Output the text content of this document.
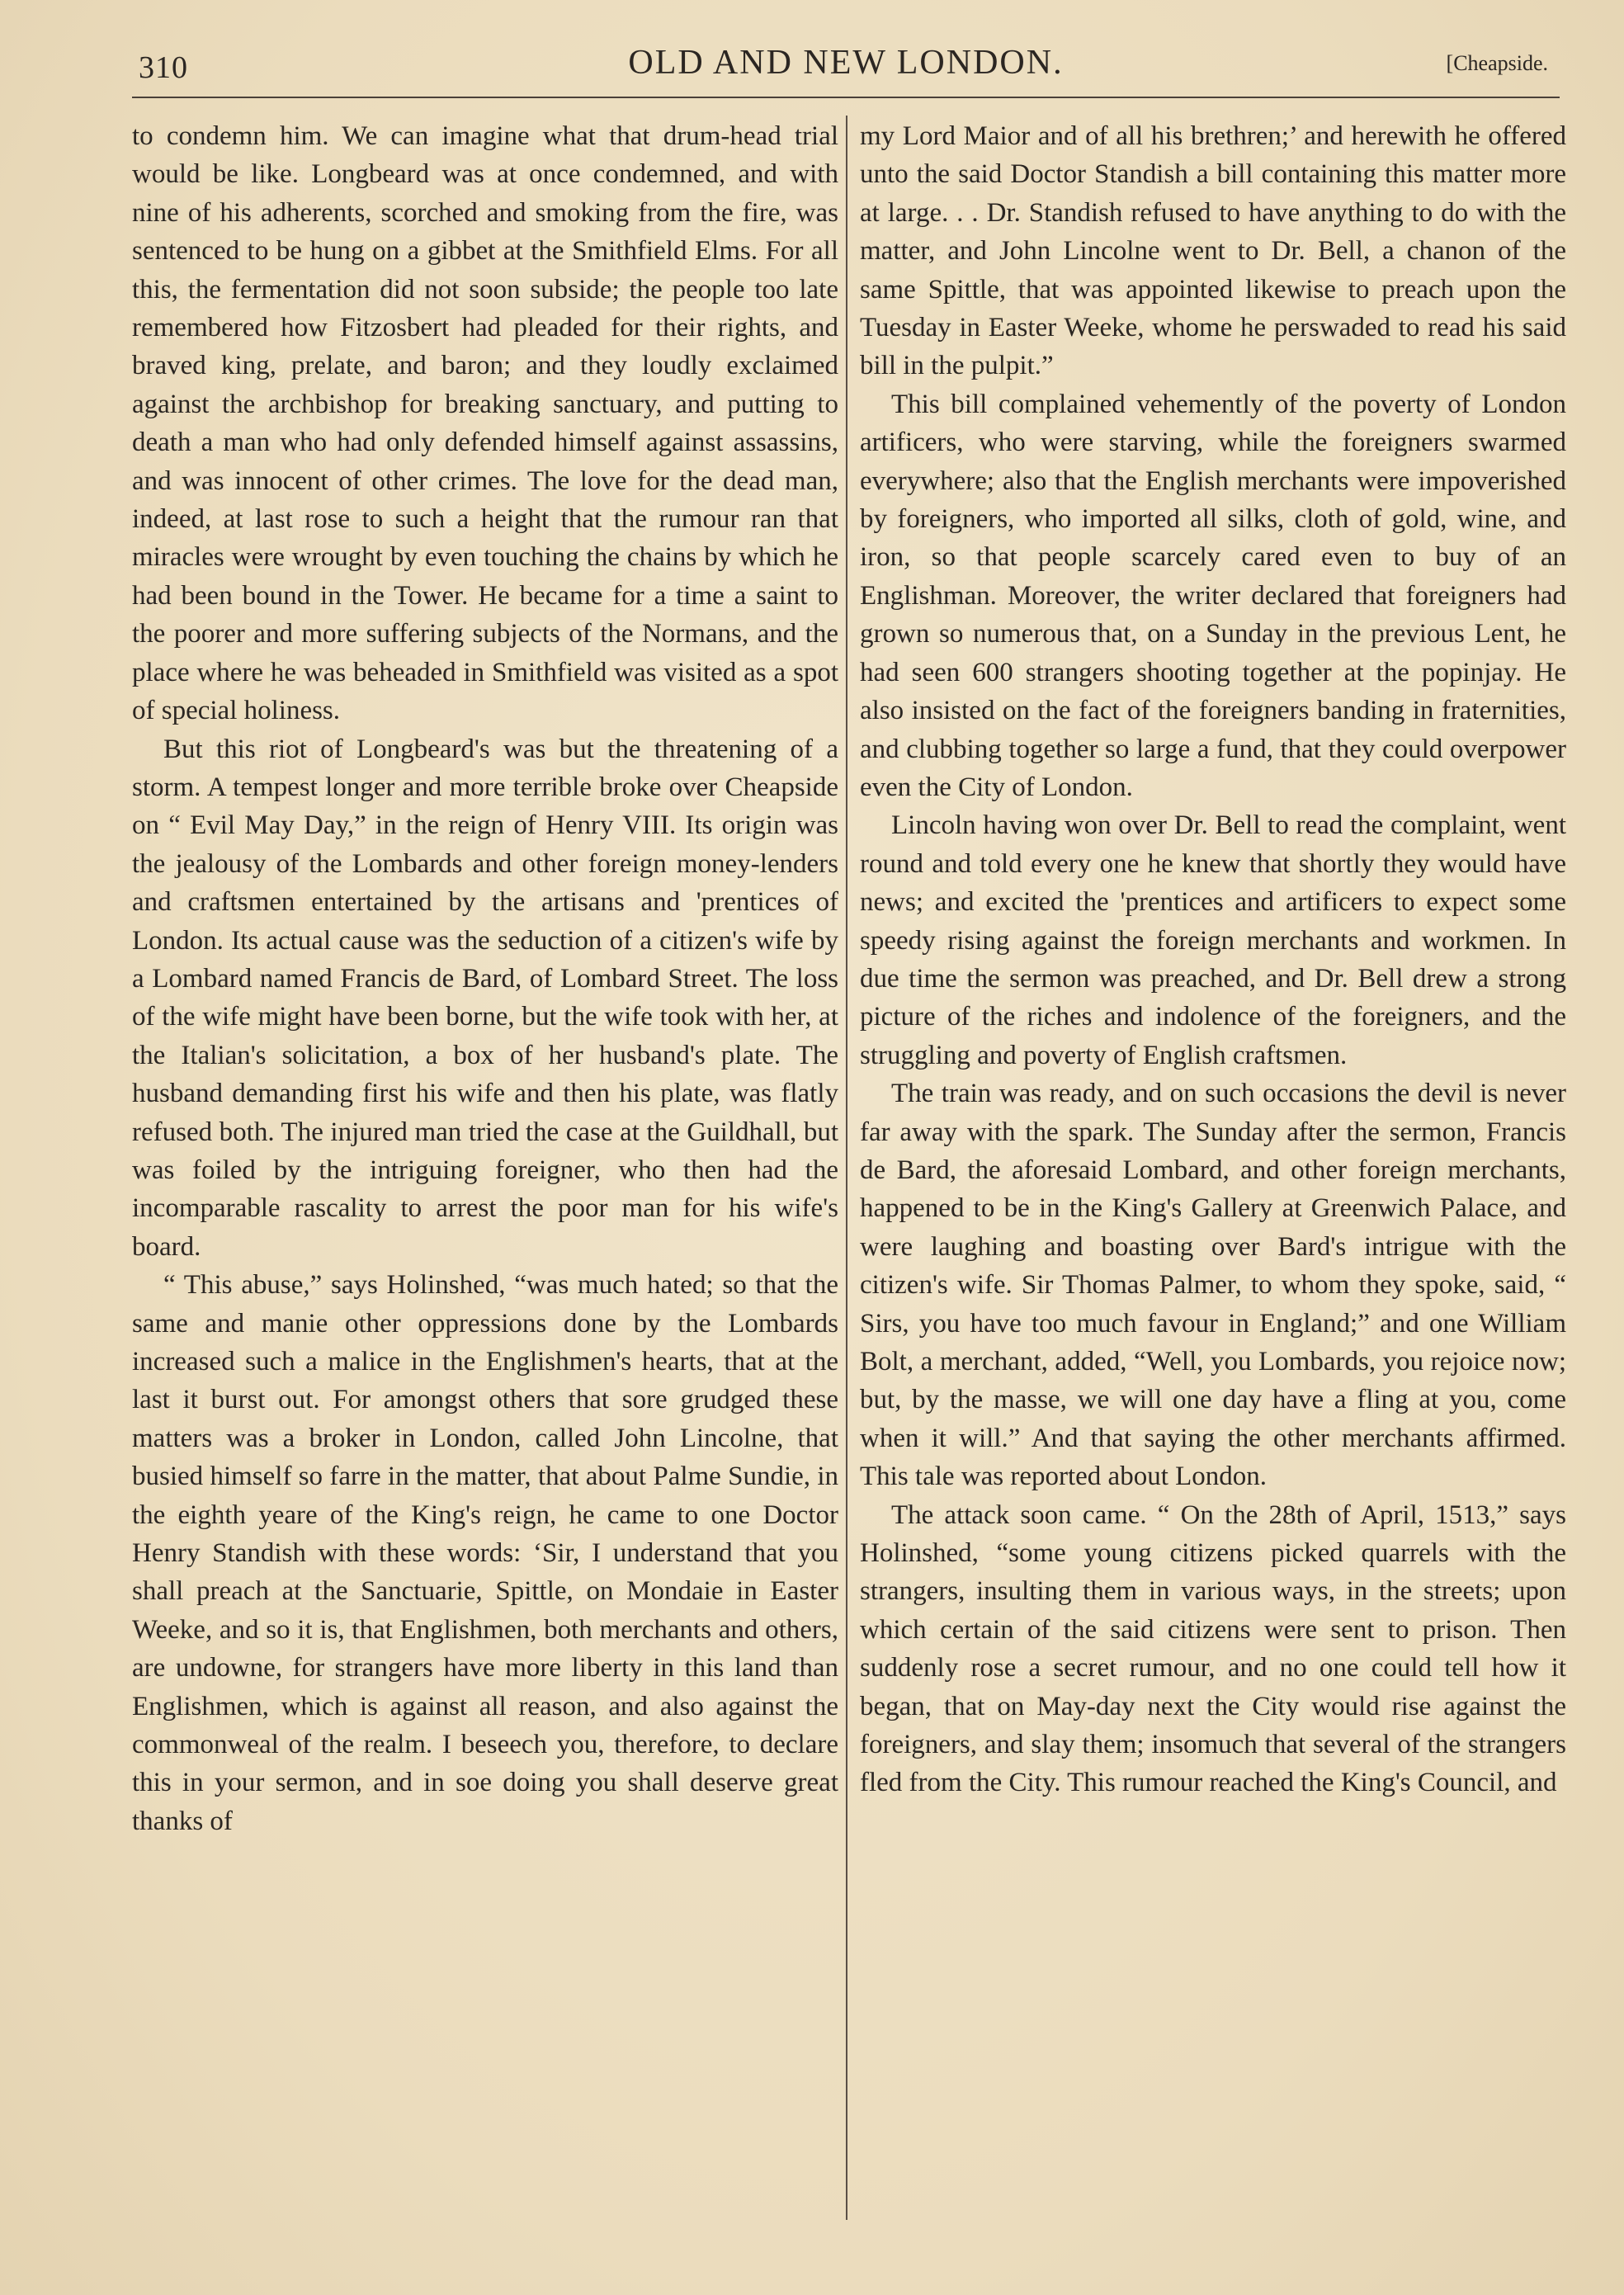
310	OLD AND NEW LONDON.	[Cheapside.

to condemn him. We can imagine what that drum-head trial would be like. Longbeard was at once condemned, and with nine of his adherents, scorched and smoking from the fire, was sentenced to be hung on a gibbet at the Smithfield Elms. For all this, the fermentation did not soon subside; the people too late remembered how Fitzosbert had pleaded for their rights, and braved king, prelate, and baron; and they loudly exclaimed against the archbishop for breaking sanctuary, and putting to death a man who had only defended himself against assassins, and was innocent of other crimes. The love for the dead man, indeed, at last rose to such a height that the rumour ran that miracles were wrought by even touching the chains by which he had been bound in the Tower. He became for a time a saint to the poorer and more suffering subjects of the Normans, and the place where he was beheaded in Smithfield was visited as a spot of special holiness.

But this riot of Longbeard's was but the threatening of a storm. A tempest longer and more terrible broke over Cheapside on “ Evil May Day,” in the reign of Henry VIII. Its origin was the jealousy of the Lombards and other foreign money-lenders and craftsmen entertained by the artisans and 'prentices of London. Its actual cause was the seduction of a citizen's wife by a Lombard named Francis de Bard, of Lombard Street. The loss of the wife might have been borne, but the wife took with her, at the Italian's solicitation, a box of her husband's plate. The husband demanding first his wife and then his plate, was flatly refused both. The injured man tried the case at the Guildhall, but was foiled by the intriguing foreigner, who then had the incomparable rascality to arrest the poor man for his wife's board.

“ This abuse,” says Holinshed, “was much hated; so that the same and manie other oppressions done by the Lombards increased such a malice in the Englishmen's hearts, that at the last it burst out. For amongst others that sore grudged these matters was a broker in London, called John Lincolne, that busied himself so farre in the matter, that about Palme Sundie, in the eighth yeare of the King's reign, he came to one Doctor Henry Standish with these words: ‘Sir, I understand that you shall preach at the Sanctuarie, Spittle, on Mondaie in Easter Weeke, and so it is, that Englishmen, both merchants and others, are undowne, for strangers have more liberty in this land than Englishmen, which is against all reason, and also against the commonweal of the realm. I beseech you, therefore, to declare this in your sermon, and in soe doing you shall deserve great thanks of

my Lord Maior and of all his brethren;’ and herewith he offered unto the said Doctor Standish a bill containing this matter more at large. . . Dr. Standish refused to have anything to do with the matter, and John Lincolne went to Dr. Bell, a chanon of the same Spittle, that was appointed likewise to preach upon the Tuesday in Easter Weeke, whome he perswaded to read his said bill in the pulpit.”

This bill complained vehemently of the poverty of London artificers, who were starving, while the foreigners swarmed everywhere; also that the English merchants were impoverished by foreigners, who imported all silks, cloth of gold, wine, and iron, so that people scarcely cared even to buy of an Englishman. Moreover, the writer declared that foreigners had grown so numerous that, on a Sunday in the previous Lent, he had seen 600 strangers shooting together at the popinjay. He also insisted on the fact of the foreigners banding in fraternities, and clubbing together so large a fund, that they could overpower even the City of London.

Lincoln having won over Dr. Bell to read the complaint, went round and told every one he knew that shortly they would have news; and excited the 'prentices and artificers to expect some speedy rising against the foreign merchants and workmen. In due time the sermon was preached, and Dr. Bell drew a strong picture of the riches and indolence of the foreigners, and the struggling and poverty of English craftsmen.

The train was ready, and on such occasions the devil is never far away with the spark. The Sunday after the sermon, Francis de Bard, the aforesaid Lombard, and other foreign merchants, happened to be in the King's Gallery at Greenwich Palace, and were laughing and boasting over Bard's intrigue with the citizen's wife. Sir Thomas Palmer, to whom they spoke, said, “ Sirs, you have too much favour in England;” and one William Bolt, a merchant, added, “Well, you Lombards, you rejoice now; but, by the masse, we will one day have a fling at you, come when it will.” And that saying the other merchants affirmed. This tale was reported about London.

The attack soon came. “ On the 28th of April, 1513,” says Holinshed, “some young citizens picked quarrels with the strangers, insulting them in various ways, in the streets; upon which certain of the said citizens were sent to prison. Then suddenly rose a secret rumour, and no one could tell how it began, that on May-day next the City would rise against the foreigners, and slay them; insomuch that several of the strangers fled from the City. This rumour reached the King's Council, and
